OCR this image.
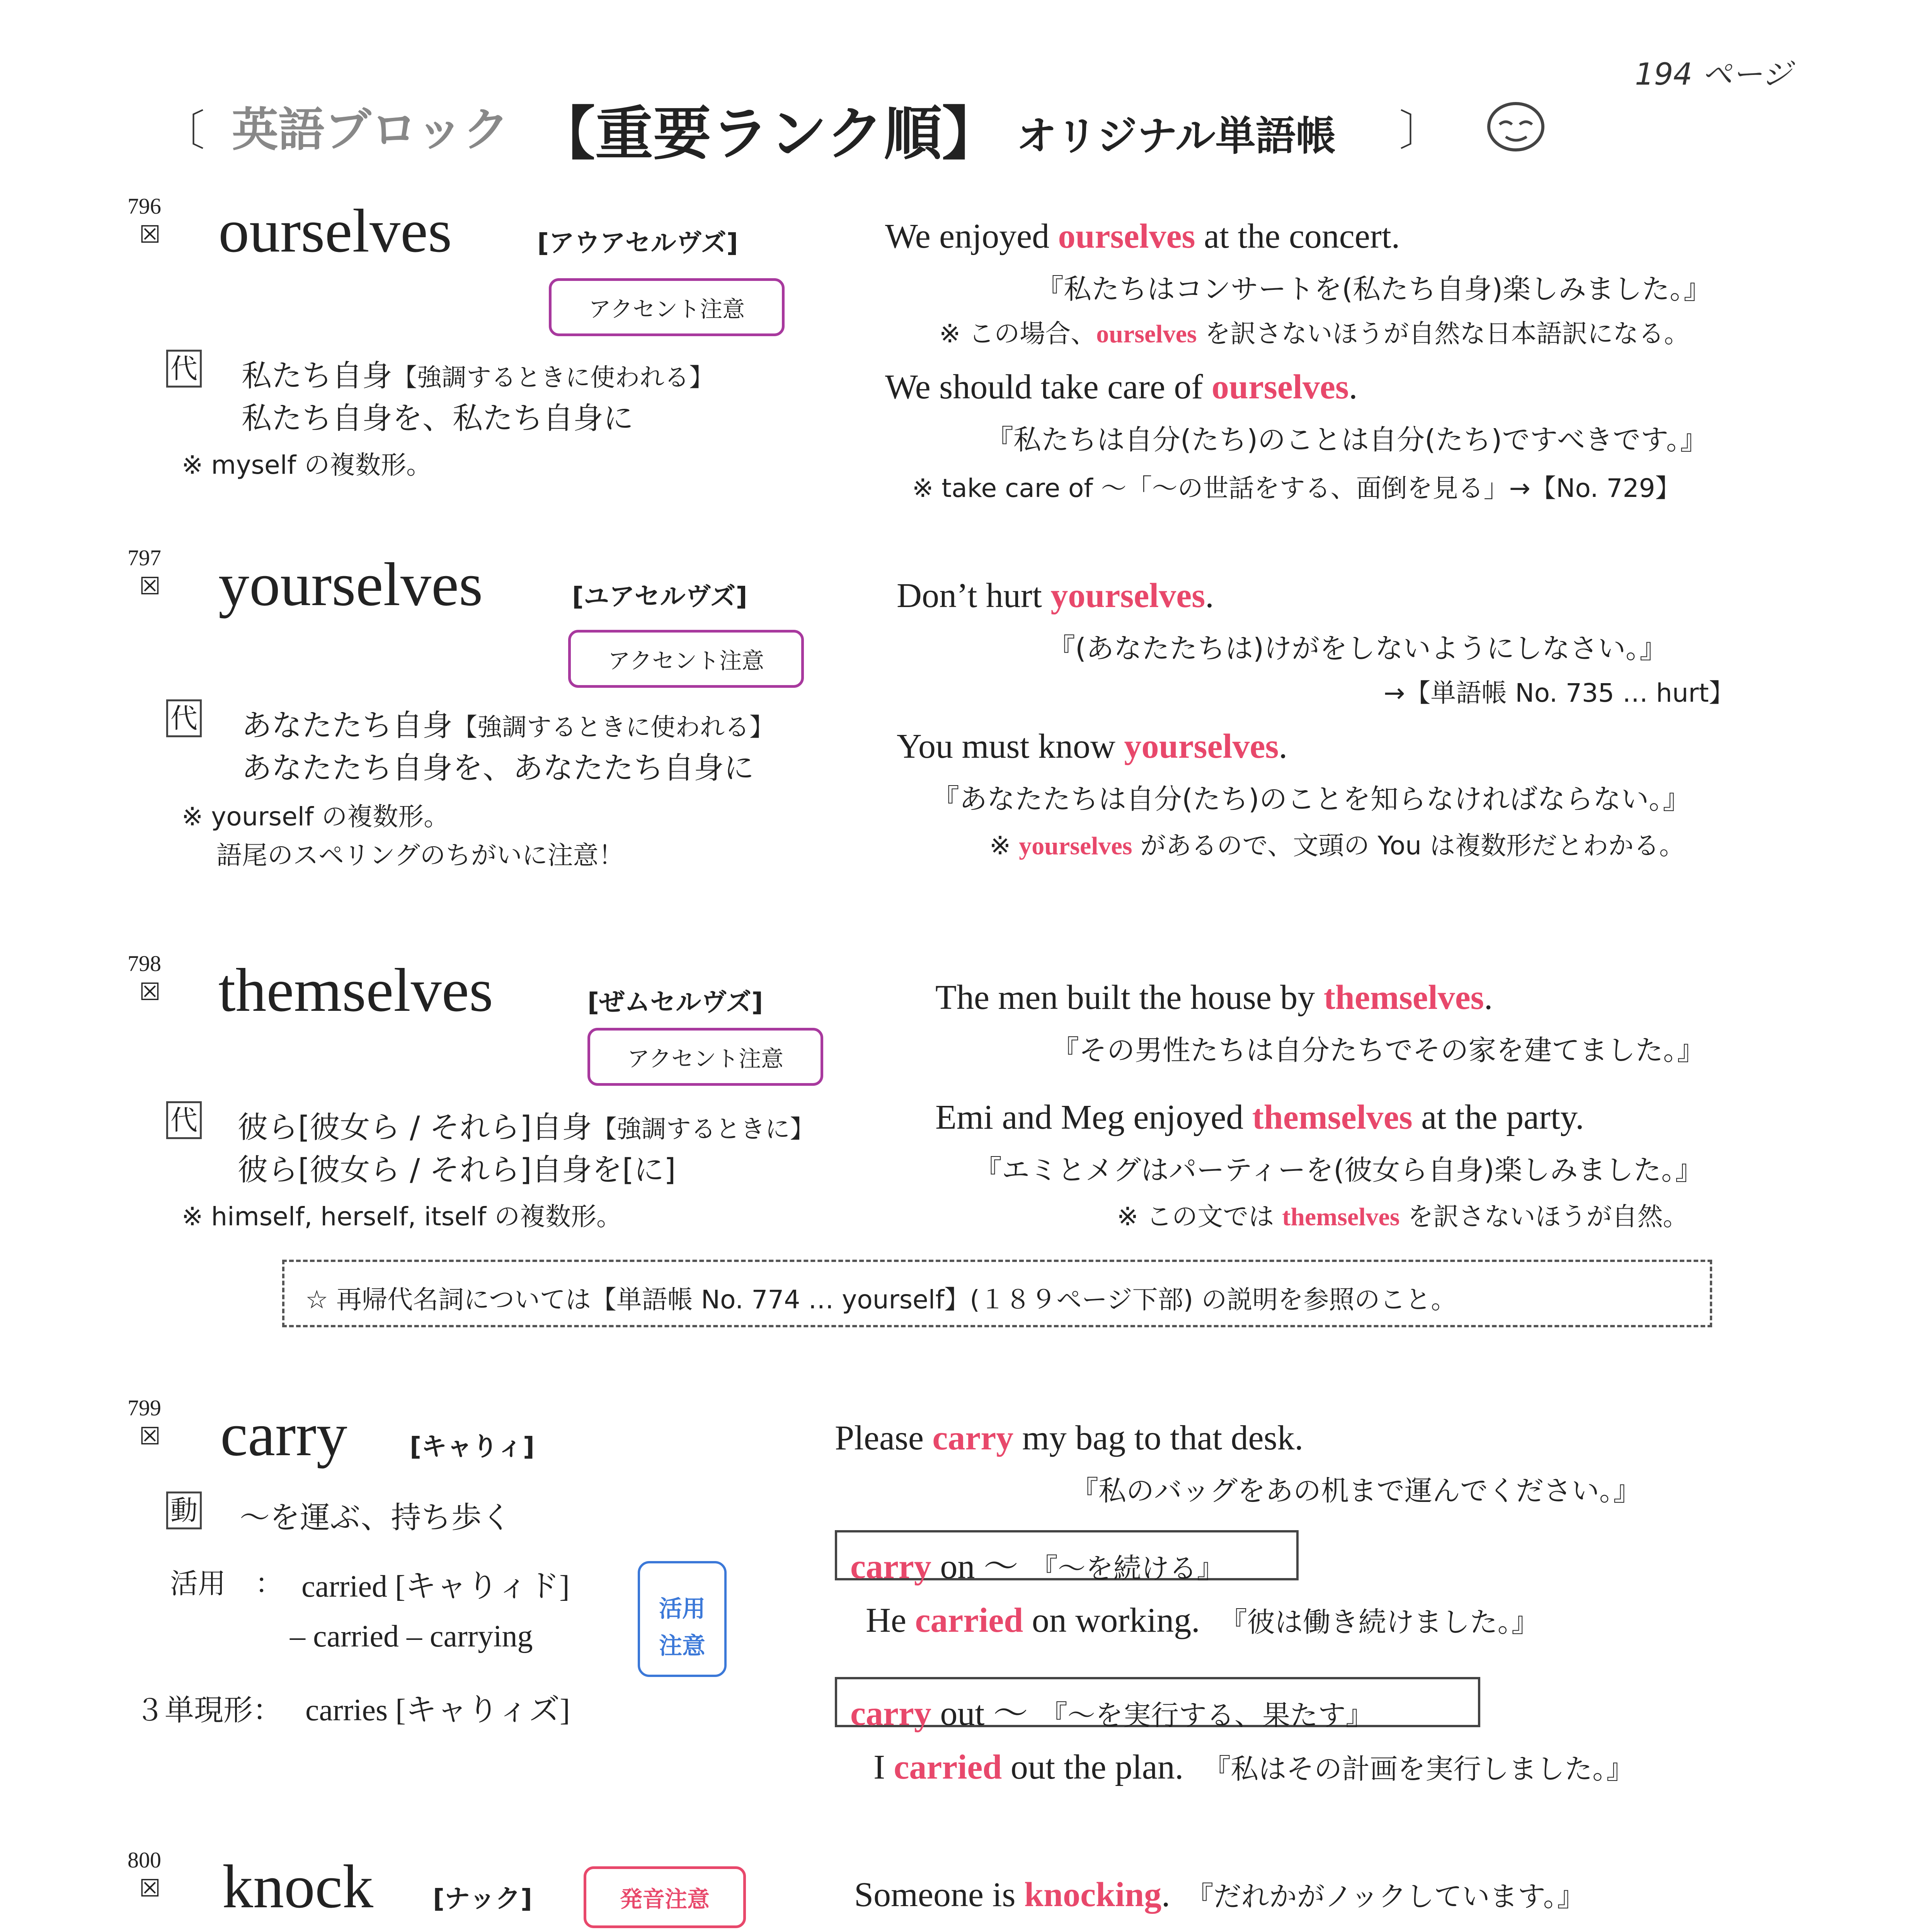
194 ページ
〔 英語ブロック 【重要ランク順】 オリジナル単語帳 〕
796
☒ ourselves	[アウアセルヴズ]
アクセント注意
代 私たち自身【強調するときに使われる】
私たち自身を、私たち自身に
※ myself の複数形。
We enjoyed ourselves at the concert.
『私たちはコンサートを(私たち自身)楽しみました。』
※ この場合、ourselves を訳さないほうが自然な日本語訳になる。
We should take care of ourselves.
『私たちは自分(たち)のことは自分(たち)ですべきです。』
※ take care of ～「～の世話をする、面倒を見る」→【No. 729】
797
☒ yourselves	[ユアセルヴズ]
アクセント注意
代 あなたたち自身【強調するときに使われる】
あなたたち自身を、あなたたち自身に
※ yourself の複数形。
語尾のスペリングのちがいに注意！
Don’t hurt yourselves.
『(あなたたちは)けがをしないようにしなさい。』
→【単語帳 No. 735 … hurt】
You must know yourselves.
『あなたたちは自分(たち)のことを知らなければならない。』
※ yourselves があるので、文頭の You は複数形だとわかる。
798
☒ themselves	[ぜムセルヴズ]
アクセント注意
代 彼ら[彼女ら / それら]自身【強調するときに】
彼ら[彼女ら / それら]自身を[に]
※ himself, herself, itself の複数形。
The men built the house by themselves.
『その男性たちは自分たちでその家を建てました。』
Emi and Meg enjoyed themselves at the party.
『エミとメグはパーティーを(彼女ら自身)楽しみました。』
※ この文では themselves を訳さないほうが自然。
☆ 再帰代名詞については【単語帳 No. 774 … yourself】(１８９ページ下部) の説明を参照のこと。
799
☒ carry [キャりィ]
動 ～を運ぶ、持ち歩く
活用 ： carried [キャりィド]
– carried – carrying
３単現形： carries [キャりィズ]
活用
注意
Please carry my bag to that desk.
『私のバッグをあの机まで運んでください。』
carry on ～ 『～を続ける』
He carried on working. 『彼は働き続けました。』
carry out ～ 『～を実行する、果たす』
I carried out the plan. 『私はその計画を実行しました。』
800
☒ knock [ナック]	発音注意	Someone is knocking. 『だれかがノックしています。』
